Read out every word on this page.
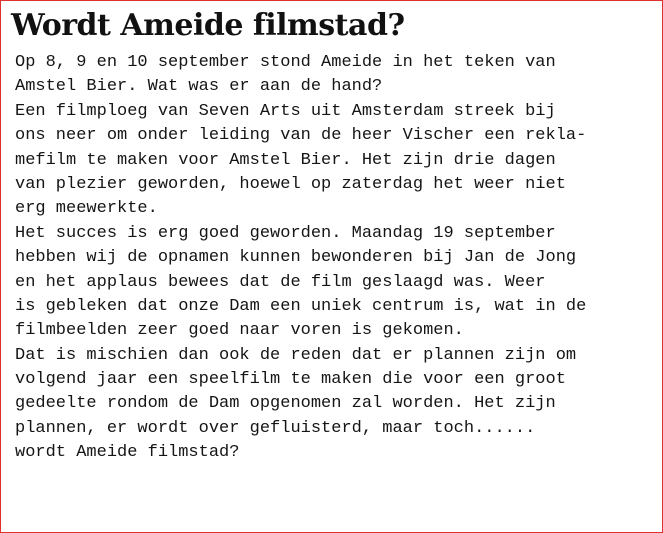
Wordt Ameide filmstad?
Op 8, 9 en 10 september stond Ameide in het teken van
Amstel Bier. Wat was er aan de hand?
Een filmploeg van Seven Arts uit Amsterdam streek bij
ons neer om onder leiding van de heer Vischer een rekla-
mefilm te maken voor Amstel Bier. Het zijn drie dagen
van plezier geworden, hoewel op zaterdag het weer niet
erg meewerkte.
Het succes is erg goed geworden. Maandag 19 september
hebben wij de opnamen kunnen bewonderen bij Jan de Jong
en het applaus bewees dat de film geslaagd was. Weer
is gebleken dat onze Dam een uniek centrum is, wat in de
filmbeelden zeer goed naar voren is gekomen.
Dat is mischien dan ook de reden dat er plannen zijn om
volgend jaar een speelfilm te maken die voor een groot
gedeelte rondom de Dam opgenomen zal worden. Het zijn
plannen, er wordt over gefluisterd, maar toch......
wordt Ameide filmstad?
